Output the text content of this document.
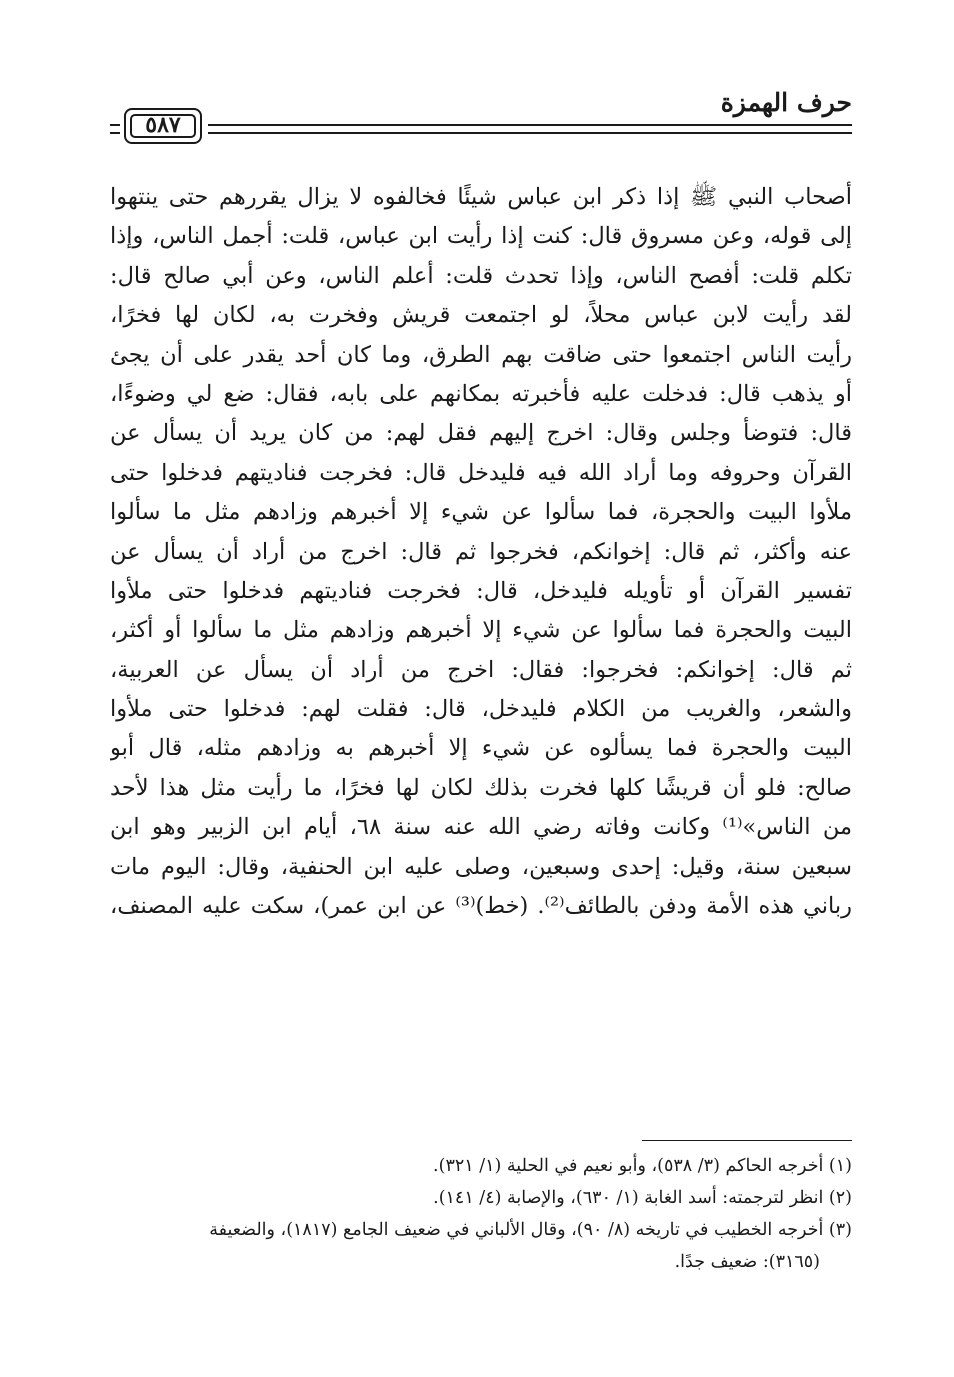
حرف الهمزة
٥٨٧
أصحاب النبي ﷺ إذا ذكر ابن عباس شيئًا فخالفوه لا يزال يقررهم حتى ينتهوا
إلى قوله، وعن مسروق قال: كنت إذا رأيت ابن عباس، قلت: أجمل الناس، وإذا
تكلم قلت: أفصح الناس، وإذا تحدث قلت: أعلم الناس، وعن أبي صالح قال:
لقد رأيت لابن عباس محلاً، لو اجتمعت قريش وفخرت به، لكان لها فخرًا،
رأيت الناس اجتمعوا حتى ضاقت بهم الطرق، وما كان أحد يقدر على أن يجئ
أو يذهب قال: فدخلت عليه فأخبرته بمكانهم على بابه، فقال: ضع لي وضوءًا،
قال: فتوضأ وجلس وقال: اخرج إليهم فقل لهم: من كان يريد أن يسأل عن
القرآن وحروفه وما أراد الله فيه فليدخل قال: فخرجت فناديتهم فدخلوا حتى
ملأوا البيت والحجرة، فما سألوا عن شيء إلا أخبرهم وزادهم مثل ما سألوا
عنه وأكثر، ثم قال: إخوانكم، فخرجوا ثم قال: اخرج من أراد أن يسأل عن
تفسير القرآن أو تأويله فليدخل، قال: فخرجت فناديتهم فدخلوا حتى ملأوا
البيت والحجرة فما سألوا عن شيء إلا أخبرهم وزادهم مثل ما سألوا أو أكثر،
ثم قال: إخوانكم: فخرجوا: فقال: اخرج من أراد أن يسأل عن العربية،
والشعر، والغريب من الكلام فليدخل، قال: فقلت لهم: فدخلوا حتى ملأوا
البيت والحجرة فما يسألوه عن شيء إلا أخبرهم به وزادهم مثله، قال أبو
صالح: فلو أن قريشًا كلها فخرت بذلك لكان لها فخرًا، ما رأيت مثل هذا لأحد
من الناس»⁽¹⁾ وكانت وفاته رضي الله عنه سنة ٦٨، أيام ابن الزبير وهو ابن
سبعين سنة، وقيل: إحدى وسبعين، وصلى عليه ابن الحنفية، وقال: اليوم مات
رباني هذه الأمة ودفن بالطائف⁽²⁾. (خط)⁽³⁾ عن ابن عمر)، سكت عليه المصنف،
(١) أخرجه الحاكم (٣/ ٥٣٨)، وأبو نعيم في الحلية (١/ ٣٢١).
(٢) انظر لترجمته: أسد الغابة (١/ ٦٣٠)، والإصابة (٤/ ١٤١).
(٣) أخرجه الخطيب في تاريخه (٨/ ٩٠)، وقال الألباني في ضعيف الجامع (١٨١٧)، والضعيفة
(٣١٦٥): ضعيف جدًا.
